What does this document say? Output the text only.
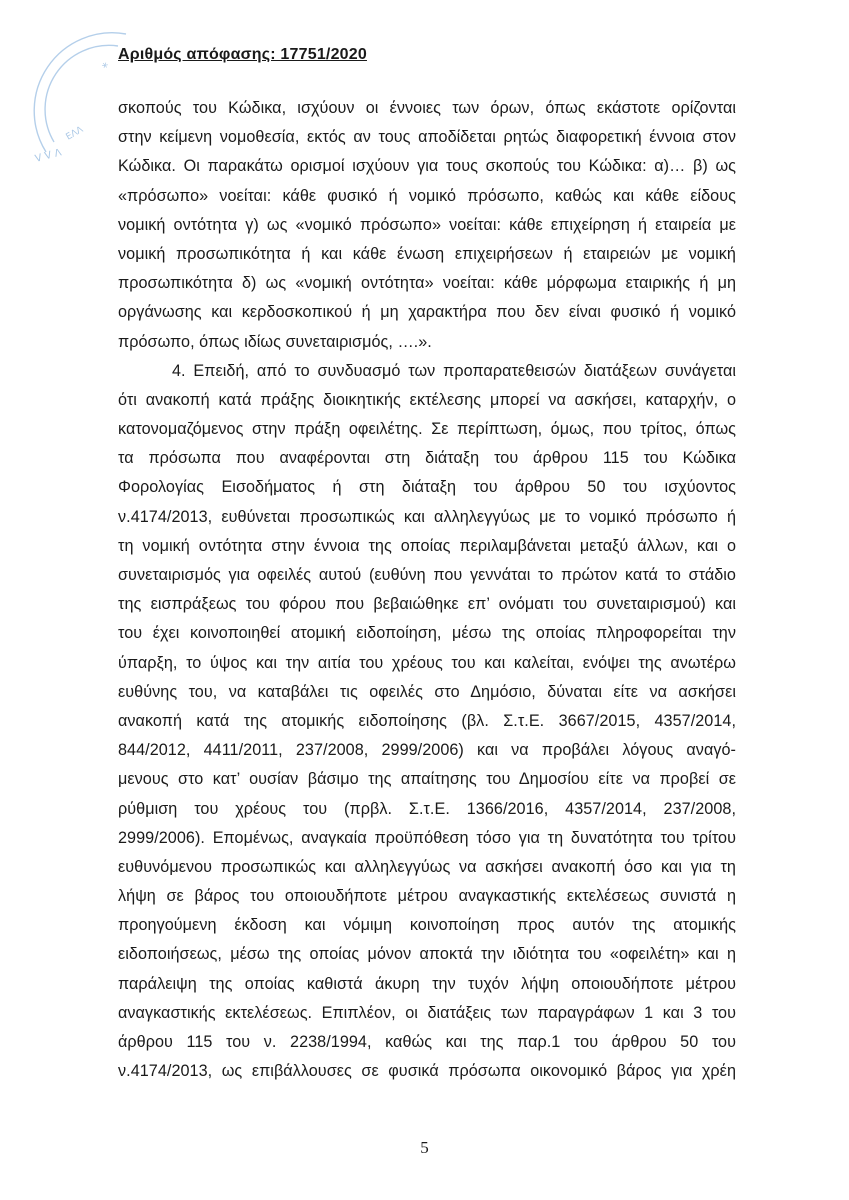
*
ΕΛΛ
V V Λ
Αριθμός απόφασης: 17751/2020
σκοπούς του Κώδικα, ισχύουν οι έννοιες των όρων, όπως εκάστοτε ορίζονται
στην κείμενη νομοθεσία, εκτός αν τους αποδίδεται ρητώς διαφορετική έννοια στον
Κώδικα. Οι παρακάτω ορισμοί ισχύουν για τους σκοπούς του Κώδικα: α)… β) ως
«πρόσωπο» νοείται: κάθε φυσικό ή νομικό πρόσωπο, καθώς και κάθε είδους
νομική οντότητα γ) ως «νομικό πρόσωπο» νοείται: κάθε επιχείρηση ή εταιρεία με
νομική προσωπικότητα ή και κάθε ένωση επιχειρήσεων ή εταιρειών με νομική
προσωπικότητα δ) ως «νομική οντότητα» νοείται: κάθε μόρφωμα εταιρικής ή μη
οργάνωσης και κερδοσκοπικού ή μη χαρακτήρα που δεν είναι φυσικό ή νομικό
πρόσωπο, όπως ιδίως συνεταιρισμός, ….».
4. Επειδή, από το συνδυασμό των προπαρατεθεισών διατάξεων συνάγεται
ότι ανακοπή κατά πράξης διοικητικής εκτέλεσης μπορεί να ασκήσει, καταρχήν, ο
κατονομαζόμενος στην πράξη οφειλέτης. Σε περίπτωση, όμως, που τρίτος, όπως
τα πρόσωπα που αναφέρονται στη διάταξη του άρθρου 115 του Κώδικα
Φορολογίας Εισοδήματος ή στη διάταξη του άρθρου 50 του ισχύοντος
ν.4174/2013, ευθύνεται προσωπικώς και αλληλεγγύως με το νομικό πρόσωπο ή
τη νομική οντότητα στην έννοια της οποίας περιλαμβάνεται μεταξύ άλλων, και ο
συνεταιρισμός για οφειλές αυτού (ευθύνη που γεννάται το πρώτον κατά το στάδιο
της εισπράξεως του φόρου που βεβαιώθηκε επ’ ονόματι του συνεταιρισμού) και
του έχει κοινοποιηθεί ατομική ειδοποίηση, μέσω της οποίας πληροφορείται την
ύπαρξη, το ύψος και την αιτία του χρέους του και καλείται, ενόψει της ανωτέρω
ευθύνης του, να καταβάλει τις οφειλές στο Δημόσιο, δύναται είτε να ασκήσει
ανακοπή κατά της ατομικής ειδοποίησης (βλ. Σ.τ.Ε. 3667/2015, 4357/2014,
844/2012, 4411/2011, 237/2008, 2999/2006) και να προβάλει λόγους αναγό-
μενους στο κατ’ ουσίαν βάσιμο της απαίτησης του Δημοσίου είτε να προβεί σε
ρύθμιση του χρέους του (πρβλ. Σ.τ.Ε. 1366/2016, 4357/2014, 237/2008,
2999/2006). Επομένως, αναγκαία προϋπόθεση τόσο για τη δυνατότητα του τρίτου
ευθυνόμενου προσωπικώς και αλληλεγγύως να ασκήσει ανακοπή όσο και για τη
λήψη σε βάρος του οποιουδήποτε μέτρου αναγκαστικής εκτελέσεως συνιστά η
προηγούμενη έκδοση και νόμιμη κοινοποίηση προς αυτόν της ατομικής
ειδοποιήσεως, μέσω της οποίας μόνον αποκτά την ιδιότητα του «οφειλέτη» και η
παράλειψη της οποίας καθιστά άκυρη την τυχόν λήψη οποιουδήποτε μέτρου
αναγκαστικής εκτελέσεως. Επιπλέον, οι διατάξεις των παραγράφων 1 και 3 του
άρθρου 115 του ν. 2238/1994, καθώς και της παρ.1 του άρθρου 50 του
ν.4174/2013, ως επιβάλλουσες σε φυσικά πρόσωπα οικονομικό βάρος για χρέη
5
